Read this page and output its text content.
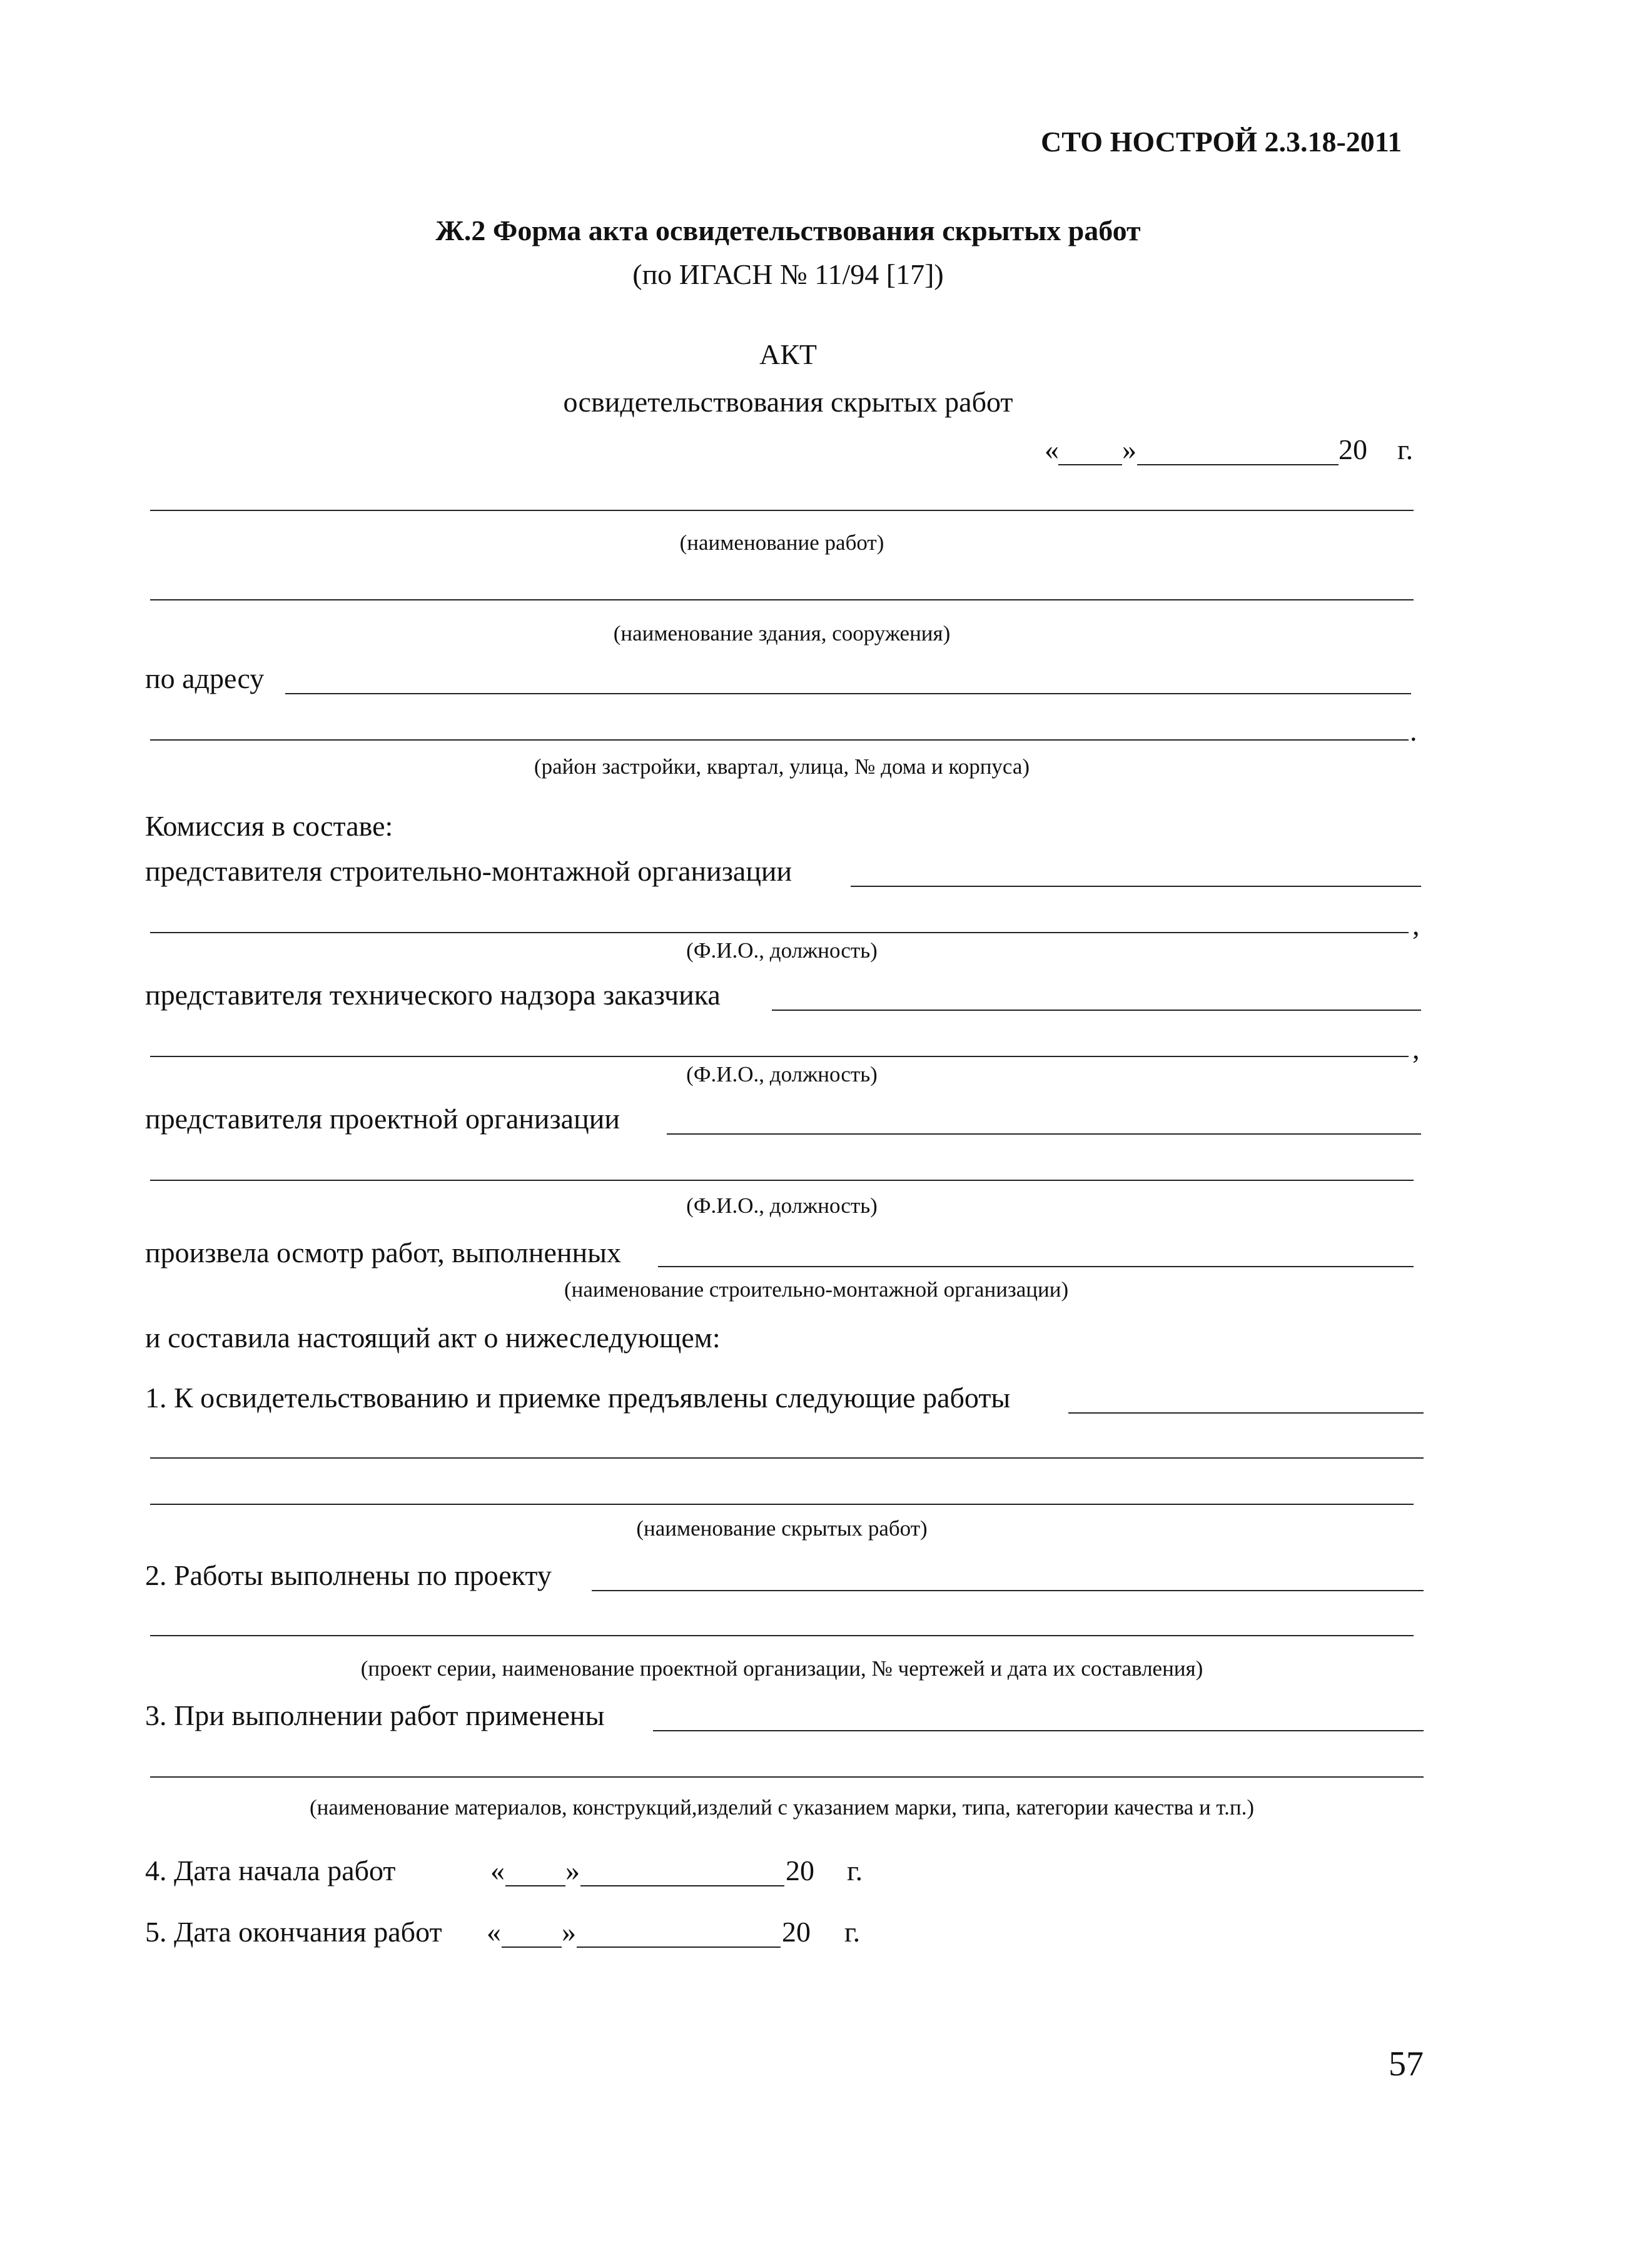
СТО НОСТРОЙ 2.3.18-2011
Ж.2 Форма акта освидетельствования скрытых работ
(по ИГАСН № 11/94 [17])
АКТ
освидетельствования скрытых работ
« »	20 г.
(наименование работ)
(наименование здания, сооружения)
по адресу
.
(район застройки, квартал, улица, № дома и корпуса)
Комиссия в составе:
представителя строительно-монтажной организации
,
(Ф.И.О., должность)
представителя технического надзора заказчика
,
(Ф.И.О., должность)
представителя проектной организации
(Ф.И.О., должность)
произвела осмотр работ, выполненных
(наименование строительно-монтажной организации)
и составила настоящий акт о нижеследующем:
1. К освидетельствованию и приемке предъявлены следующие работы
(наименование скрытых работ)
2. Работы выполнены по проекту
(проект серии, наименование проектной организации, № чертежей и дата их составления)
3. При выполнении работ применены
(наименование материалов, конструкций,изделий с указанием марки, типа, категории качества и т.п.)
4. Дата начала работ	« »	20 г.
5. Дата окончания работ « »	20 г.
57
